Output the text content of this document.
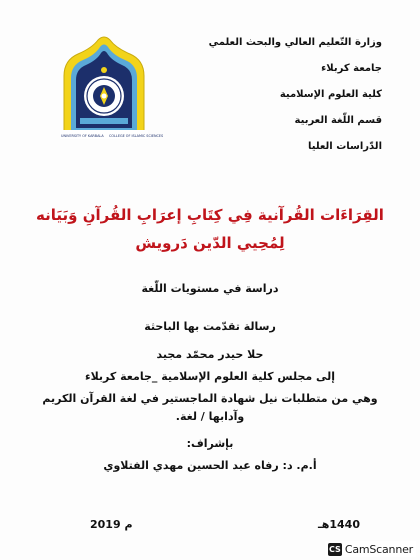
UNIVERSITY OF KARBALA COLLEGE OF ISLAMIC SCIENCES
وزارة التّعليم العالي والبحث العلمي
جامعة كربلاء
كلية العلوم الإسلامية
قسم اللّغة العربية
الدّراسات العليا
القِرَاءَات القُرآنية فِي كِتَابِ إعرَابِ القُرآنِ وَبَيَانه
لِمُحِيي الدّين دَرويش
دراسة في مستويات اللّغة
رسالة تقدّمت بها الباحثة
حلا حيدر محمّد مجيد
إلى مجلس كلية العلوم الإسلامية _جامعة كربلاء
وهي من متطلبات نيل شهادة الماجستير في لغة القرآن الكريم
وآدابها / لغة.
بإشراف:
أ.م. د: رفاه عبد الحسين مهدي الفتلاوي
2019 م	1440هـ
CS CamScanner
